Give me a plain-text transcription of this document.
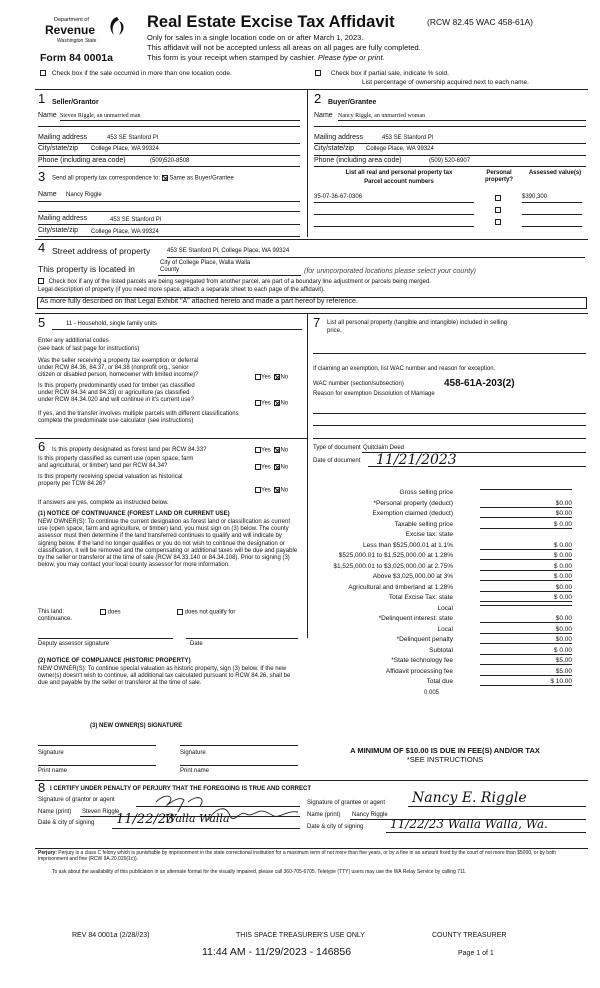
Department of
Revenue
Washington State
Form 84 0001a
Real Estate Excise Tax Affidavit	(RCW 82.45 WAC 458-61A)
Only for sales in a single location code on or after March 1, 2023.
This affidavit will not be accepted unless all areas on all pages are fully completed.
This form is your receipt when stamped by cashier. Please type or print.
Check box if the sale occurred in more than one location code.	Check box if partial sale, indicate % sold.
List percentage of ownership acquired next to each name.
1 Seller/Grantor
Name Steven Riggle, an unmarried man
Mailing address	453 SE Stanford Pl
City/state/zip College Place, WA 99324
Phone (including area code)	(509)520-8508
2 Buyer/Grantee
Name Nancy Riggle, an unmarried woman
Mailing address	453 SE Stanford Pl
City/state/zip College Place, WA 99324
Phone (including area code)	(509) 520-6907
3 Send all property tax correspondence to: Same as Buyer/Grantee
Name Nancy Riggle
Mailing address	453 SE Stanford Pl
City/state/zip College Place, WA 99324
List all real and personal property tax
Parcel account numbers
Personal property?
Assessed value(s)
35-07-36-67-0306	$390,300
4 Street address of property	453 SE Stanford Pl, College Place, WA 99324
This property is located in
City of College Place, Walla Walla
County	(for unincorporated locations please select your county)
Check box if any of the listed parcels are being segregated from another parcel, are part of a boundary line adjustment or parcels being merged.
Legal description of property (if you need more space, attach a separate sheet to each page of the affidavit).
As more fully described on that Legal Exhibit "A" attached hereto and made a part hereof by reference.
5	11 - Household, single family units
Enter any additional codes
(see back of last page for instructions)
Was the seller receiving a property tax exemption or deferral
under RCW 84.36, 84.37, or 84.38 (nonprofit org., senior
citizen or disabled person, homeowner with limited income)?	Yes No
Is this property predominantly used for timber (as classified
under RCW 84.34 and 84.33) or agriculture (as classified
under RCW 84.34.020 and will continue in it's current use?
Yes No
If yes, and the transfer involves multiple parcels with different classifications
complete the predominate use calculator (see instructions)
7 List all personal property (tangible and intangible) included in selling
price.
If claiming an exemption, list WAC number and reason for exception.
WAC number (section/subsection)	458-61A-203(2)
Reason for exemption Dissolution of Marriage
6 Is this property designated as forest land per RCW 84.33?	Yes No
Is this property classified as current use (open space, farm
and agricultural, or timber) land per RCW 84.34?	Yes No
Is this property receiving special valuation as historical
property per TCW 84.26?
Yes No
If answers are yes, complete as instructed below.
(1) NOTICE OF CONTINUANCE (FOREST LAND OR CURRENT USE)
NEW OWNER(S): To continue the current designation as forest land or classification as current use (open space, farm and agriculture, or timber) land, you must sign on (3) below. The county assessor must then determine if the land transferred continues to qualify and will indicate by signing below. If the land no longer qualifies or you do not wish to continue the designation or classification, it will be removed and the compensating or additional taxes will be due and payable by the seller or transferor at the time of sale (RCW 84.33.140 or 84.34.108). Prior to signing (3) below, you may contact your local county assessor for more information.
This land:
continuance.
does	does not qualify for
Deputy assessor signature	Date
(2) NOTICE OF COMPLIANCE (HISTORIC PROPERTY)
NEW OWNER(S): To continue special valuation as historic property, sign (3) below. If the new owner(s) doesn't wish to continue, all additional tax calculated pursuant to RCW 84.26, shall be due and payable by the seller or transferor at the time of sale.
(3) NEW OWNER(S) SIGNATURE
Signature	Signature
Print name	Print name
Type of document Quitclaim Deed
Date of document 11/21/2023
Gross selling price
*Personal property (deduct)	$0.00
Exemption claimed (deduct)	$0.00
Taxable selling price	$ 0.00
Excise tax: state
Less than $525,000.01 at 1.1%	$ 0.00
$525,000.01 to $1,525,000.00 at 1.28%	$ 0.00
$1,525,000.01 to $3,025,000.00 at 2.75%	$ 0.00
Above $3,025,000.00 at 3%	$ 0.00
Agricultural and timberland at 1.28%	$0.00
Total Excise Tax: state	$ 0.00
Local
*Delinquent interest: state	$0.00
Local	$0.00
*Delinquent penalty	$0.00
Subtotal	$ 0.00
*State technology fee	$5.00
Affidavit processing fee	$5.00
Total due	$ 10.00
0.005
A MINIMUM OF $10.00 IS DUE IN FEE(S) AND/OR TAX
*SEE INSTRUCTIONS
8 I CERTIFY UNDER PENALTY OF PERJURY THAT THE FOREGOING IS TRUE AND CORRECT
Signature of grantor or agent
Name (print) Steven Riggle
Date & city of signing 11/22/23
Walla Walla
Signature of grantee or agent Nancy E. Riggle
Name (print) Nancy Riggle
Date & city of signing 11/22/23 Walla Walla, Wa.
Perjury: Perjury is a class C felony which is punishable by imprisonment in the state correctional institution for a maximum term of not more than five years, or by a fine in an amount fixed by the court of not more than $5000, or by both imprisonment and fine (RCW 9A.20.020(1c)).
To ask about the availability of this publication in an alternate format for the visually impaired, please call 360-705-6705. Teletype (TTY) users may use the WA Relay Service by calling 711.
REV 84 0001a (2/28//23)	THIS SPACE TREASURER'S USE ONLY	COUNTY TREASURER
11:44 AM - 11/29/2023 - 146856	Page 1 of 1
